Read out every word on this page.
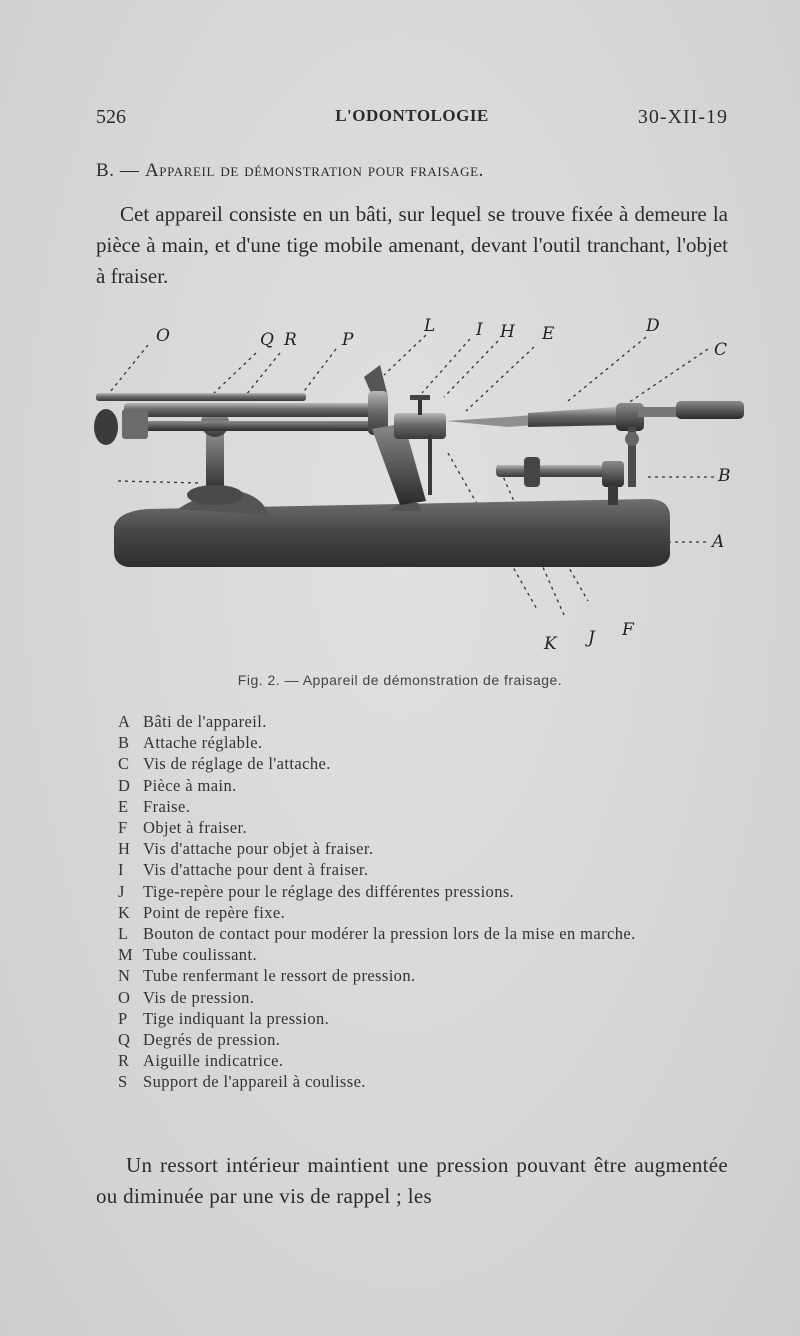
526	L'ODONTOLOGIE	30-XII-19
B. — Appareil de démonstration pour fraisage.

Cet appareil consiste en un bâti, sur lequel se trouve fixée à demeure la pièce à main, et d'une tige mobile amenant, devant l'outil tranchant, l'objet à fraiser.

O	Q R	P
L I H E	D
C
B
A
K J F
Fig. 2. — Appareil de démonstration de fraisage.
A Bâti de l'appareil.
B Attache réglable.
C Vis de réglage de l'attache.
D Pièce à main.
E Fraise.
F Objet à fraiser.
H Vis d'attache pour objet à fraiser.
I Vis d'attache pour dent à fraiser.
J Tige-repère pour le réglage des différentes pressions.
K Point de repère fixe.
L Bouton de contact pour modérer la pression lors de la mise en marche.
M Tube coulissant.
N Tube renfermant le ressort de pression.
O Vis de pression.
P Tige indiquant la pression.
Q Degrés de pression.
R Aiguille indicatrice.
S Support de l'appareil à coulisse.

Un ressort intérieur maintient une pression pouvant être augmentée ou diminuée par une vis de rappel ; les
